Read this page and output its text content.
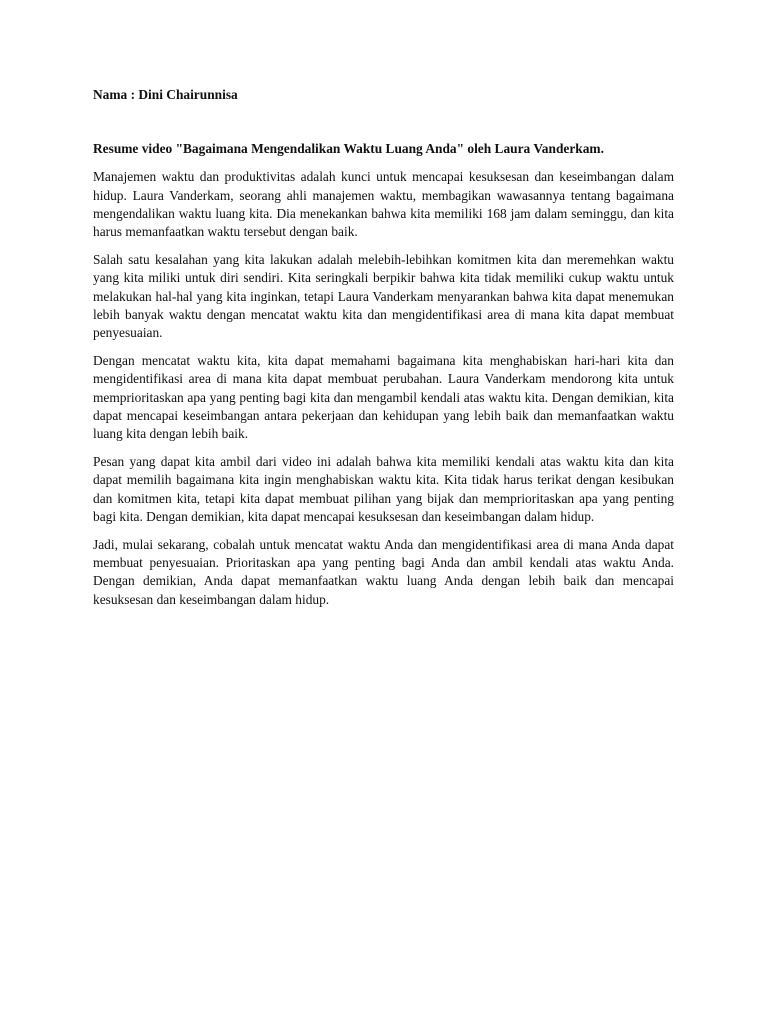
Nama : Dini Chairunnisa

Resume video "Bagaimana Mengendalikan Waktu Luang Anda" oleh Laura Vanderkam.

Manajemen waktu dan produktivitas adalah kunci untuk mencapai kesuksesan dan keseimbangan dalam hidup. Laura Vanderkam, seorang ahli manajemen waktu, membagikan wawasannya tentang bagaimana mengendalikan waktu luang kita. Dia menekankan bahwa kita memiliki 168 jam dalam seminggu, dan kita harus memanfaatkan waktu tersebut dengan baik.

Salah satu kesalahan yang kita lakukan adalah melebih-lebihkan komitmen kita dan meremehkan waktu yang kita miliki untuk diri sendiri. Kita seringkali berpikir bahwa kita tidak memiliki cukup waktu untuk melakukan hal-hal yang kita inginkan, tetapi Laura Vanderkam menyarankan bahwa kita dapat menemukan lebih banyak waktu dengan mencatat waktu kita dan mengidentifikasi area di mana kita dapat membuat penyesuaian.

Dengan mencatat waktu kita, kita dapat memahami bagaimana kita menghabiskan hari-hari kita dan mengidentifikasi area di mana kita dapat membuat perubahan. Laura Vanderkam mendorong kita untuk memprioritaskan apa yang penting bagi kita dan mengambil kendali atas waktu kita. Dengan demikian, kita dapat mencapai keseimbangan antara pekerjaan dan kehidupan yang lebih baik dan memanfaatkan waktu luang kita dengan lebih baik.

Pesan yang dapat kita ambil dari video ini adalah bahwa kita memiliki kendali atas waktu kita dan kita dapat memilih bagaimana kita ingin menghabiskan waktu kita. Kita tidak harus terikat dengan kesibukan dan komitmen kita, tetapi kita dapat membuat pilihan yang bijak dan memprioritaskan apa yang penting bagi kita. Dengan demikian, kita dapat mencapai kesuksesan dan keseimbangan dalam hidup.

Jadi, mulai sekarang, cobalah untuk mencatat waktu Anda dan mengidentifikasi area di mana Anda dapat membuat penyesuaian. Prioritaskan apa yang penting bagi Anda dan ambil kendali atas waktu Anda. Dengan demikian, Anda dapat memanfaatkan waktu luang Anda dengan lebih baik dan mencapai kesuksesan dan keseimbangan dalam hidup.
